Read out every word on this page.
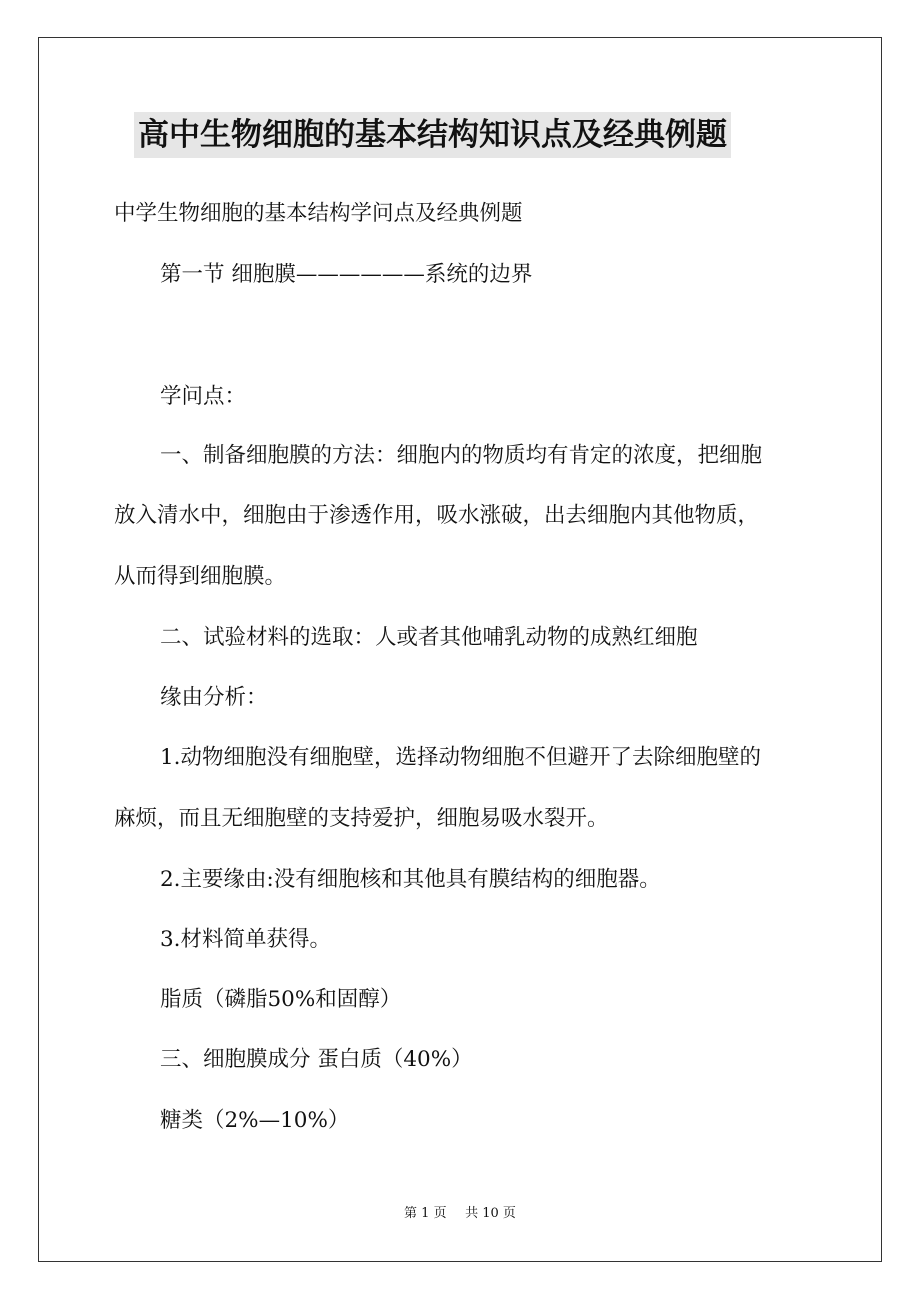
高中生物细胞的基本结构知识点及经典例题
中学生物细胞的基本结构学问点及经典例题
第一节 细胞膜——————系统的边界
学问点：
一、制备细胞膜的方法：细胞内的物质均有肯定的浓度，把细胞
放入清水中，细胞由于渗透作用，吸水涨破，出去细胞内其他物质，
从而得到细胞膜。
二、试验材料的选取：人或者其他哺乳动物的成熟红细胞
缘由分析：
1.动物细胞没有细胞壁，选择动物细胞不但避开了去除细胞壁的
麻烦，而且无细胞壁的支持爱护，细胞易吸水裂开。
2.主要缘由:没有细胞核和其他具有膜结构的细胞器。
3.材料简单获得。
脂质（磷脂50%和固醇）
三、细胞膜成分 蛋白质（40%）
糖类（2%—10%）
第 1 页 共 10 页
